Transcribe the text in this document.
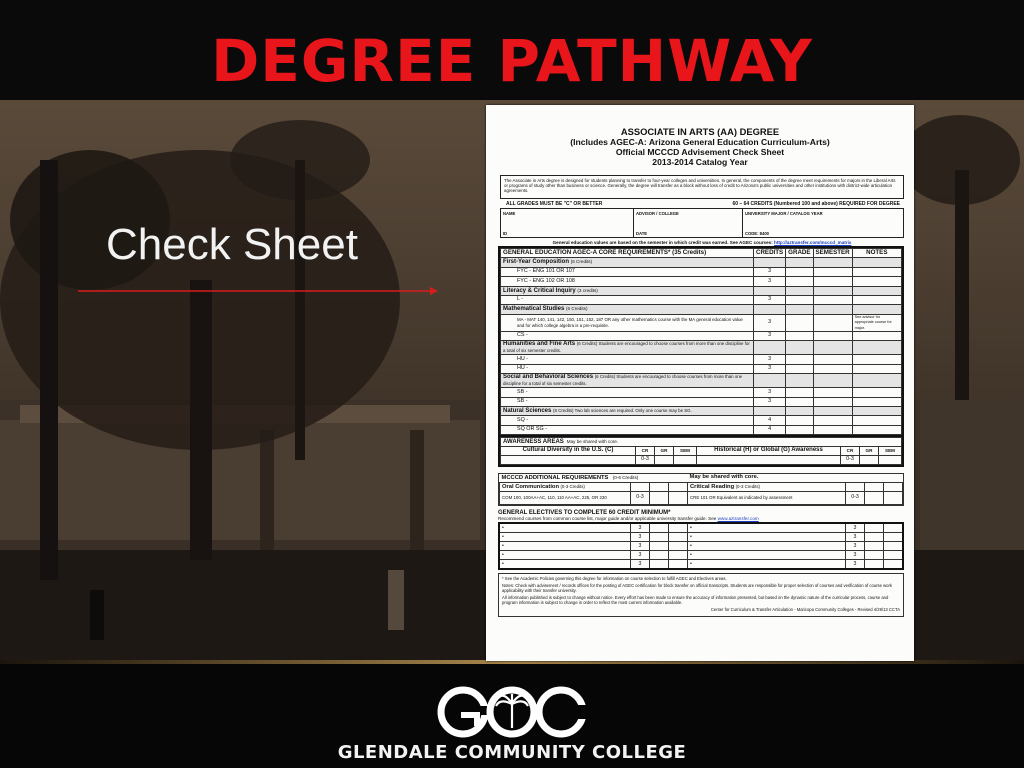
DEGREE PATHWAY
Check Sheet
ASSOCIATE IN ARTS (AA) DEGREE
(Includes AGEC-A: Arizona General Education Curriculum-Arts)
Official MCCCD Advisement Check Sheet
2013-2014 Catalog Year
The Associate in Arts degree is designed for students planning to transfer to four-year colleges and universities. In general, the components of the degree meet requirements for majors in the Liberal Arts or programs of study other than business or science. Generally, the degree will transfer as a block without loss of credit to Arizona's public universities and other institutions with district-wide articulation agreements.
ALL GRADES MUST BE "C" OR BETTER	60 – 64 CREDITS (Numbered 100 and above) REQUIRED FOR DEGREE
NAME
ID
ADVISOR / COLLEGE
DATE
UNIVERSITY MAJOR / CATALOG YEAR
CODE: 8400
General education values are based on the semester in which credit was earned. See AGEC courses: http://aztransfer.com/mcccd_matrix
GENERAL EDUCATION AGEC-A CORE REQUIREMENTS* (35 Credits)	CREDITS	GRADE	SEMESTER	NOTES
First-Year Composition (6 Credits)				
FYC - ENG 101 OR 107	3			
FYC - ENG 102 OR 108	3			
Literacy & Critical Inquiry (3 credits)				
L -	3			
Mathematical Studies (6 Credits)				
MA - MAT 140, 141, 142, 150, 151, 152, 187 OR any other mathematics course with the MA general education value and for which college algebra is a pre-requisite.	3			See advisor for appropriate course for major.
CS -	3			
Humanities and Fine Arts (6 Credits) Students are encouraged to choose courses from more than one discipline for a total of six semester credits.				
HU -	3			
HU -	3			
Social and Behavioral Sciences (6 Credits) Students are encouraged to choose courses from more than one discipline for a total of six semester credits.				
SB -	3			
SB -	3			
Natural Sciences (8 Credits) Two lab sciences are required. Only one course may be SG.				
SQ -	4			
SQ OR SG -	4			
AWARENESS AREAS May be shared with core.							
Cultural Diversity in the U.S. (C)	CR	GR	SEM	Historical (H) or Global (G) Awareness	CR	GR	SEM
	0-3				0-3		
MCCCD ADDITIONAL REQUIREMENTS (0-6 Credits)				May be shared with core.			
Oral Communication (0-3 Credits)				Critical Reading (0-3 Credits)			
COM 100, 100AA+AC, 110, 110 AA+AC, 225, OR 230	0-3			CRE 101 OR Equivalent as indicated by assessment	0-3		
GENERAL ELECTIVES TO COMPLETE 60 CREDIT MINIMUM*
Recommend courses from common course list, major guide and/or applicable university transfer guide. See www.aztransfer.com
•	3			•	3		
•	3			•	3		
•	3			•	3		
•	3			•	3		
•	3			•	3		

* See the Academic Policies governing this degree for information on course selection to fulfill AGEC and Electives areas.

Notes: Check with advisement / records offices for the posting of AGEC certification for block transfer on official transcripts. Students are responsible for proper selection of courses and verification of course work applicability with their transfer university.

All information published is subject to change without notice. Every effort has been made to ensure the accuracy of information presented, but based on the dynamic nature of the curricular process, course and program information is subject to change in order to reflect the most current information available.

Center for Curriculum & Transfer Articulation - Maricopa Community Colleges - Revised 4/29/13 CCTA

GLENDALE COMMUNITY COLLEGE
